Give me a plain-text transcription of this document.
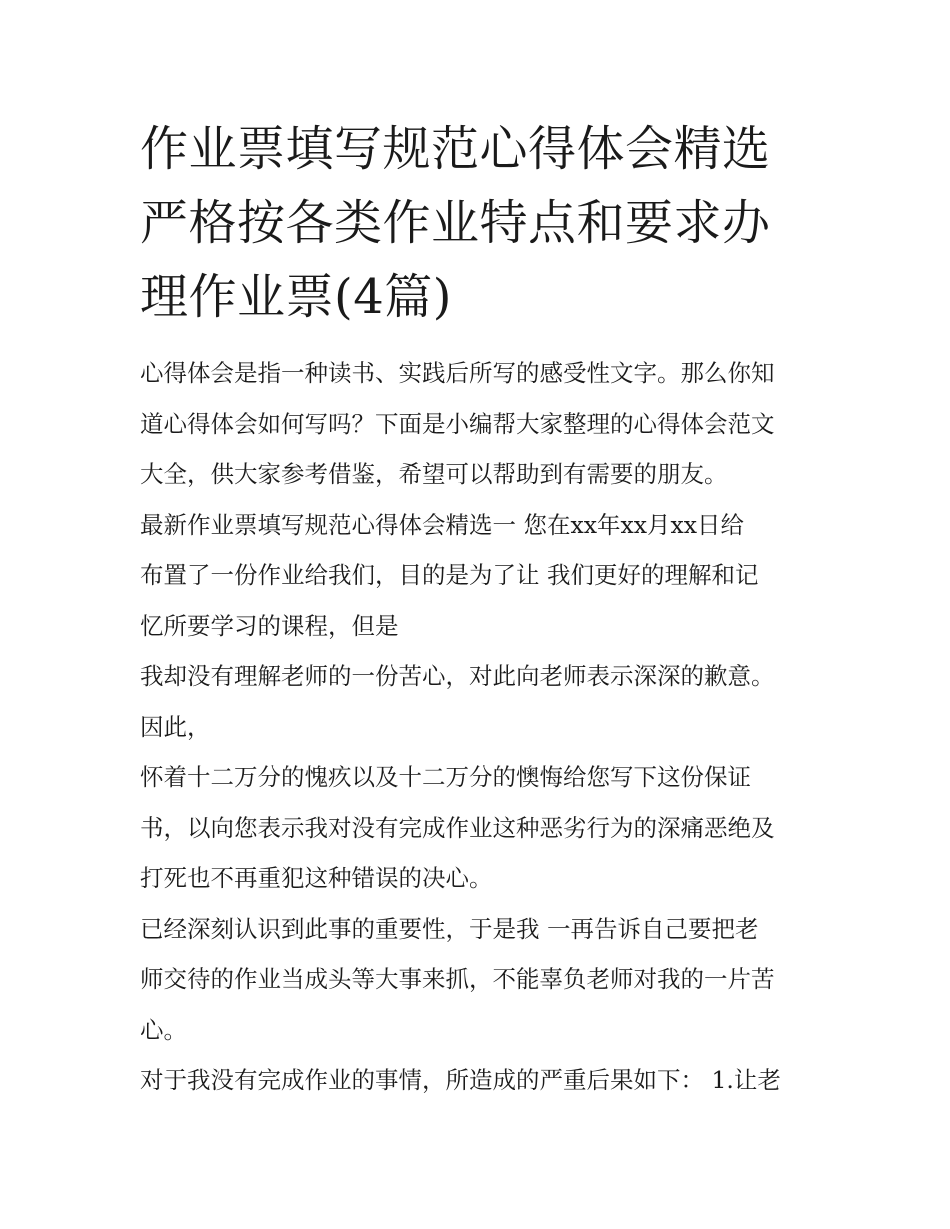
作业票填写规范心得体会精选
严格按各类作业特点和要求办
理作业票(4篇)

心得体会是指一种读书、实践后所写的感受性文字。那么你知

道心得体会如何写吗？下面是小编帮大家整理的心得体会范文

大全，供大家参考借鉴，希望可以帮助到有需要的朋友。

最新作业票填写规范心得体会精选一 您在xx年xx月xx日给

布置了一份作业给我们，目的是为了让 我们更好的理解和记

忆所要学习的课程，但是

我却没有理解老师的一份苦心，对此向老师表示深深的歉意。

因此，

怀着十二万分的愧疚以及十二万分的懊悔给您写下这份保证

书，以向您表示我对没有完成作业这种恶劣行为的深痛恶绝及

打死也不再重犯这种错误的决心。

已经深刻认识到此事的重要性，于是我 一再告诉自己要把老

师交待的作业当成头等大事来抓，不能辜负老师对我的一片苦

心。

对于我没有完成作业的事情，所造成的严重后果如下： 1.让老
